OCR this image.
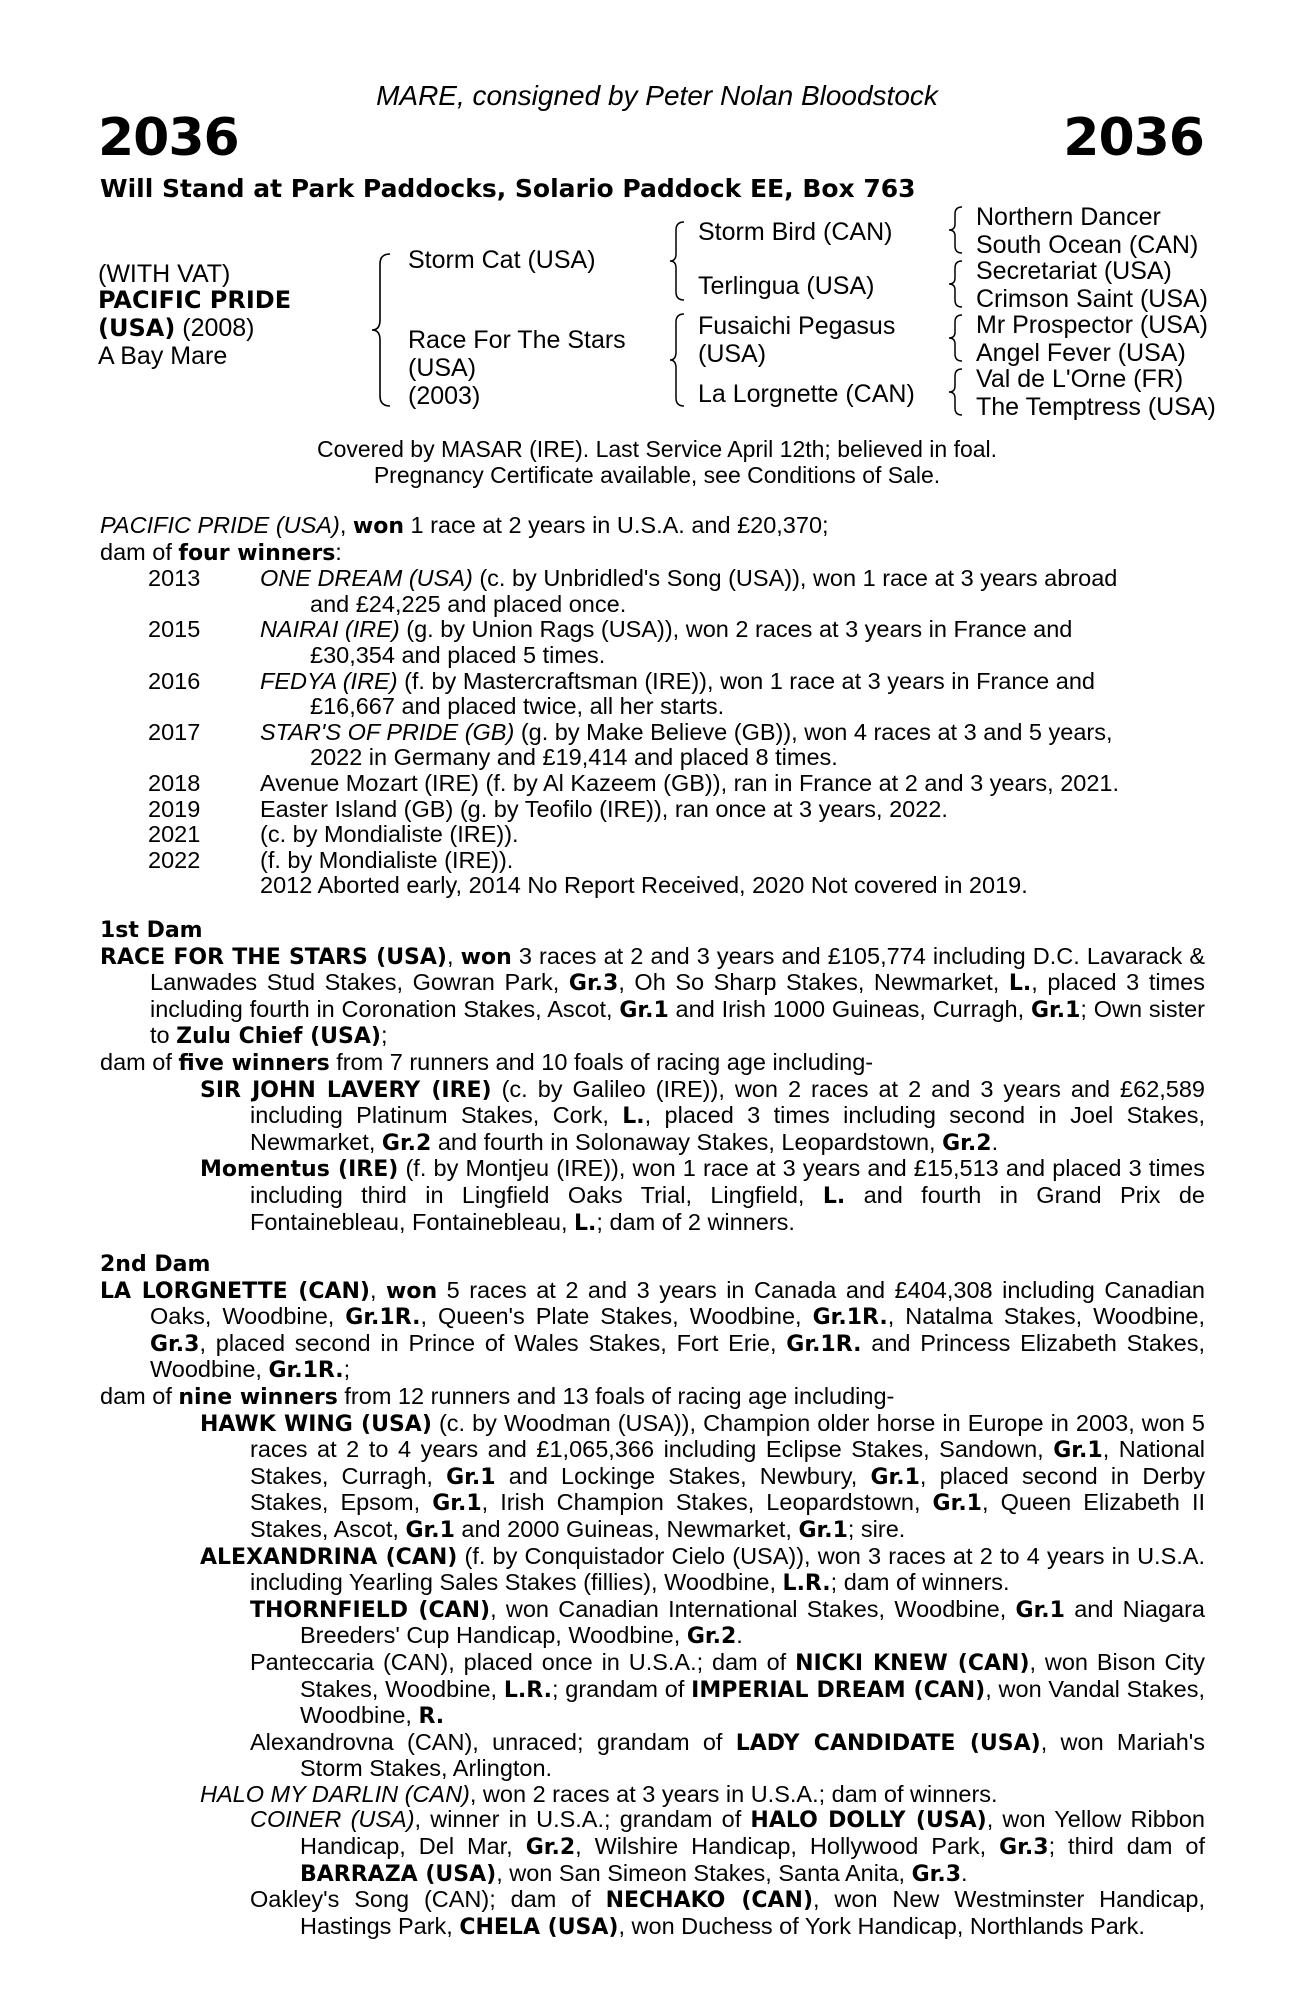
MARE, consigned by Peter Nolan Bloodstock
2036	2036
Will Stand at Park Paddocks, Solario Paddock EE, Box 763
(WITH VAT)
PACIFIC PRIDE
(USA) (2008)
A Bay Mare
Storm Cat (USA)
Race For The Stars
(USA)
(2003)
Storm Bird (CAN)
Terlingua (USA)
Fusaichi Pegasus
(USA)
La Lorgnette (CAN)
Northern Dancer
South Ocean (CAN)
Secretariat (USA)
Crimson Saint (USA)
Mr Prospector (USA)
Angel Fever (USA)
Val de L'Orne (FR)
The Temptress (USA)
Covered by MASAR (IRE). Last Service April 12th; believed in foal.
Pregnancy Certificate available, see Conditions of Sale.

PACIFIC PRIDE (USA), won 1 race at 2 years in U.S.A. and £20,370;

dam of four winners:

2013	ONE DREAM (USA) (c. by Unbridled's Song (USA)), won 1 race at 3 years abroad
and £24,225 and placed once.
2015	NAIRAI (IRE) (g. by Union Rags (USA)), won 2 races at 3 years in France and
£30,354 and placed 5 times.
2016	FEDYA (IRE) (f. by Mastercraftsman (IRE)), won 1 race at 3 years in France and
£16,667 and placed twice, all her starts.
2017	STAR'S OF PRIDE (GB) (g. by Make Believe (GB)), won 4 races at 3 and 5 years,
2022 in Germany and £19,414 and placed 8 times.
2018	Avenue Mozart (IRE) (f. by Al Kazeem (GB)), ran in France at 2 and 3 years, 2021.
2019	Easter Island (GB) (g. by Teofilo (IRE)), ran once at 3 years, 2022.
2021	(c. by Mondialiste (IRE)).
2022	(f. by Mondialiste (IRE)).
2012 Aborted early, 2014 No Report Received, 2020 Not covered in 2019.

1st Dam

RACE FOR THE STARS (USA), won 3 races at 2 and 3 years and £105,774 including D.C. Lavarack & Lanwades Stud Stakes, Gowran Park, Gr.3, Oh So Sharp Stakes, Newmarket, L., placed 3 times including fourth in Coronation Stakes, Ascot, Gr.1 and Irish 1000 Guineas, Curragh, Gr.1; Own sister to Zulu Chief (USA);

dam of five winners from 7 runners and 10 foals of racing age including-

SIR JOHN LAVERY (IRE) (c. by Galileo (IRE)), won 2 races at 2 and 3 years and £62,589 including Platinum Stakes, Cork, L., placed 3 times including second in Joel Stakes, Newmarket, Gr.2 and fourth in Solonaway Stakes, Leopardstown, Gr.2.

Momentus (IRE) (f. by Montjeu (IRE)), won 1 race at 3 years and £15,513 and placed 3 times including third in Lingfield Oaks Trial, Lingfield, L. and fourth in Grand Prix de Fontainebleau, Fontainebleau, L.; dam of 2 winners.

2nd Dam

LA LORGNETTE (CAN), won 5 races at 2 and 3 years in Canada and £404,308 including Canadian Oaks, Woodbine, Gr.1R., Queen's Plate Stakes, Woodbine, Gr.1R., Natalma Stakes, Woodbine, Gr.3, placed second in Prince of Wales Stakes, Fort Erie, Gr.1R. and Princess Elizabeth Stakes, Woodbine, Gr.1R.;

dam of nine winners from 12 runners and 13 foals of racing age including-

HAWK WING (USA) (c. by Woodman (USA)), Champion older horse in Europe in 2003, won 5 races at 2 to 4 years and £1,065,366 including Eclipse Stakes, Sandown, Gr.1, National Stakes, Curragh, Gr.1 and Lockinge Stakes, Newbury, Gr.1, placed second in Derby Stakes, Epsom, Gr.1, Irish Champion Stakes, Leopardstown, Gr.1, Queen Elizabeth II Stakes, Ascot, Gr.1 and 2000 Guineas, Newmarket, Gr.1; sire.

ALEXANDRINA (CAN) (f. by Conquistador Cielo (USA)), won 3 races at 2 to 4 years in U.S.A. including Yearling Sales Stakes (fillies), Woodbine, L.R.; dam of winners.

THORNFIELD (CAN), won Canadian International Stakes, Woodbine, Gr.1 and Niagara Breeders' Cup Handicap, Woodbine, Gr.2.

Panteccaria (CAN), placed once in U.S.A.; dam of NICKI KNEW (CAN), won Bison City Stakes, Woodbine, L.R.; grandam of IMPERIAL DREAM (CAN), won Vandal Stakes, Woodbine, R.

Alexandrovna (CAN), unraced; grandam of LADY CANDIDATE (USA), won Mariah's Storm Stakes, Arlington.

HALO MY DARLIN (CAN), won 2 races at 3 years in U.S.A.; dam of winners.

COINER (USA), winner in U.S.A.; grandam of HALO DOLLY (USA), won Yellow Ribbon Handicap, Del Mar, Gr.2, Wilshire Handicap, Hollywood Park, Gr.3; third dam of BARRAZA (USA), won San Simeon Stakes, Santa Anita, Gr.3.

Oakley's Song (CAN); dam of NECHAKO (CAN), won New Westminster Handicap, Hastings Park, CHELA (USA), won Duchess of York Handicap, Northlands Park.
